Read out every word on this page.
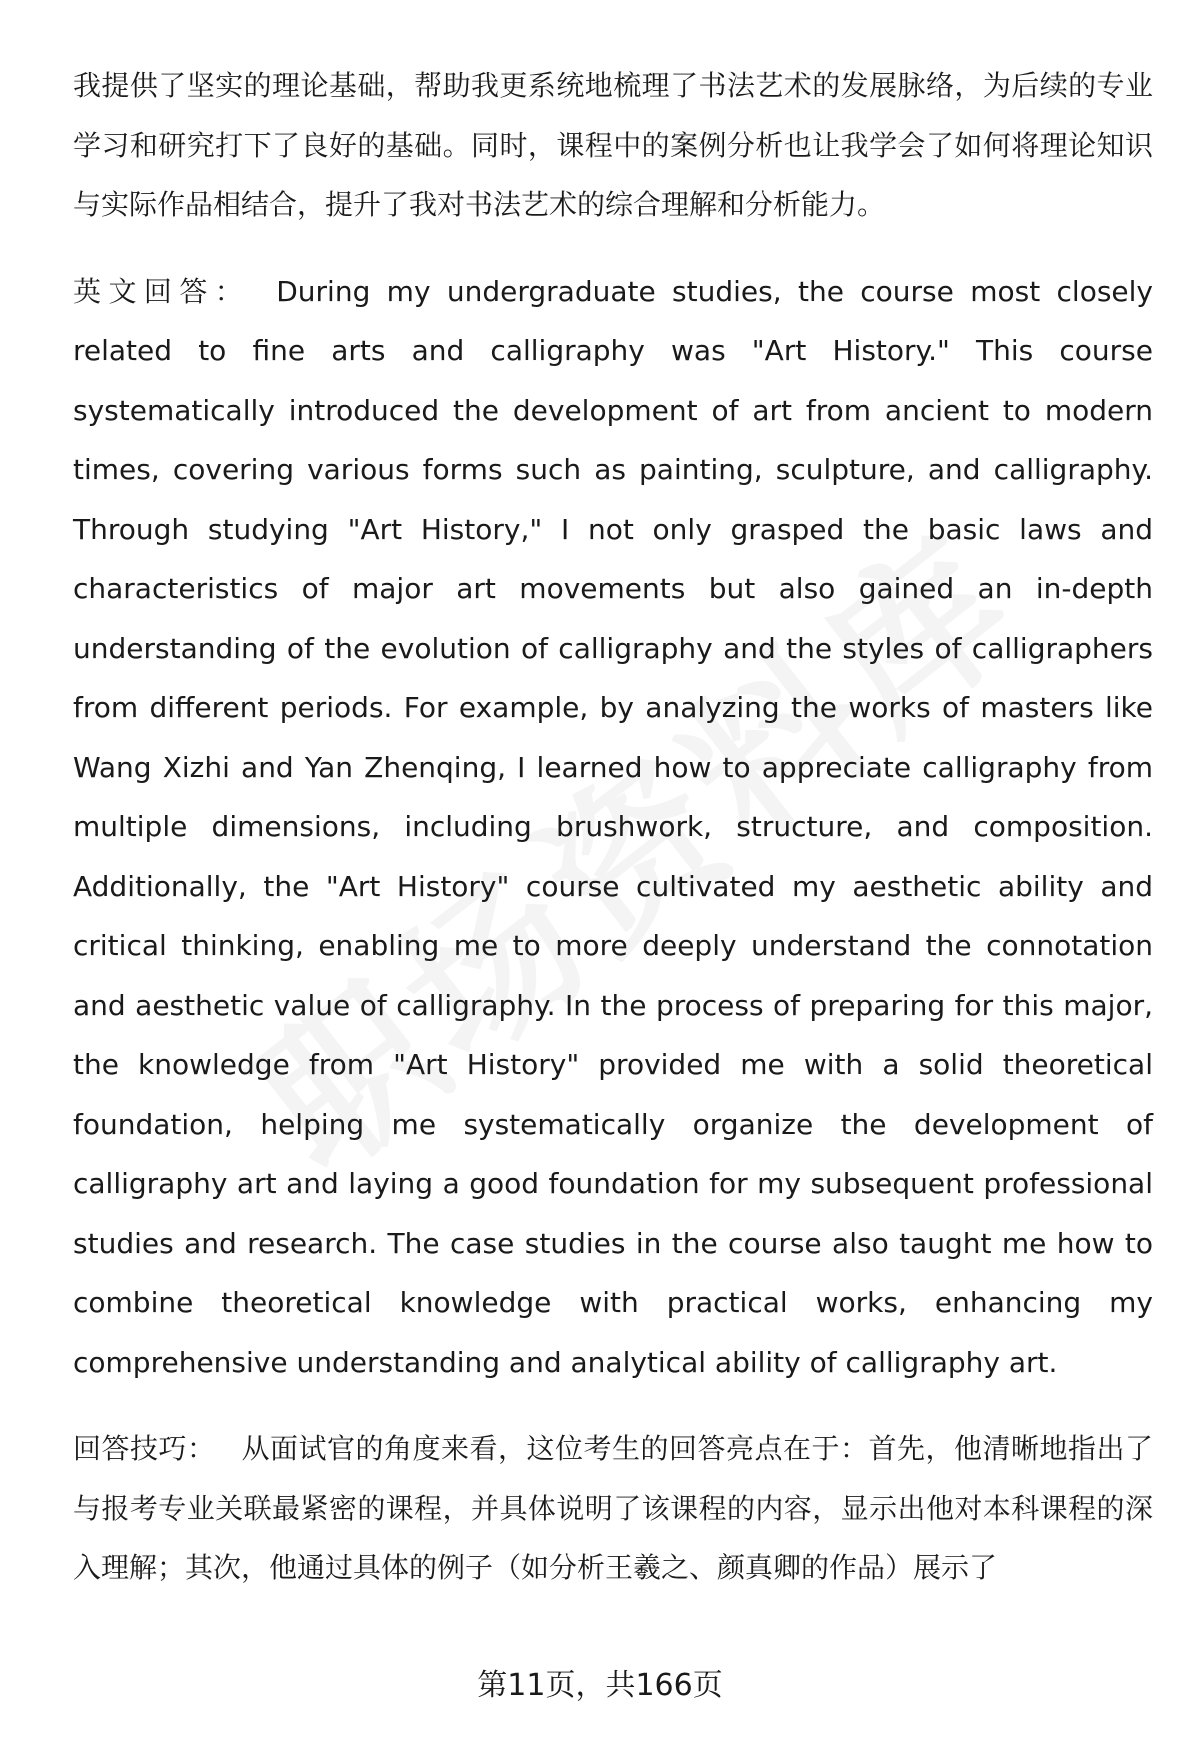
我提供了坚实的理论基础，帮助我更系统地梳理了书法艺术的发展脉络，为后续的专业学习和研究打下了良好的基础。同时，课程中的案例分析也让我学会了如何将理论知识与实际作品相结合，提升了我对书法艺术的综合理解和分析能力。

英文回答： During my undergraduate studies, the course most closely related to fine arts and calligraphy was "Art History." This course systematically introduced the development of art from ancient to modern times, covering various forms such as painting, sculpture, and calligraphy. Through studying "Art History," I not only grasped the basic laws and characteristics of major art movements but also gained an in-depth understanding of the evolution of calligraphy and the styles of calligraphers from different periods. For example, by analyzing the works of masters like Wang Xizhi and Yan Zhenqing, I learned how to appreciate calligraphy from multiple dimensions, including brushwork, structure, and composition. Additionally, the "Art History" course cultivated my aesthetic ability and critical thinking, enabling me to more deeply understand the connotation and aesthetic value of calligraphy. In the process of preparing for this major, the knowledge from "Art History" provided me with a solid theoretical foundation, helping me systematically organize the development of calligraphy art and laying a good foundation for my subsequent professional studies and research. The case studies in the course also taught me how to combine theoretical knowledge with practical works, enhancing my comprehensive understanding and analytical ability of calligraphy art.

回答技巧： 从面试官的角度来看，这位考生的回答亮点在于：首先，他清晰地指出了与报考专业关联最紧密的课程，并具体说明了该课程的内容，显示出他对本科课程的深入理解；其次，他通过具体的例子（如分析王羲之、颜真卿的作品）展示了

第11页，共166页
